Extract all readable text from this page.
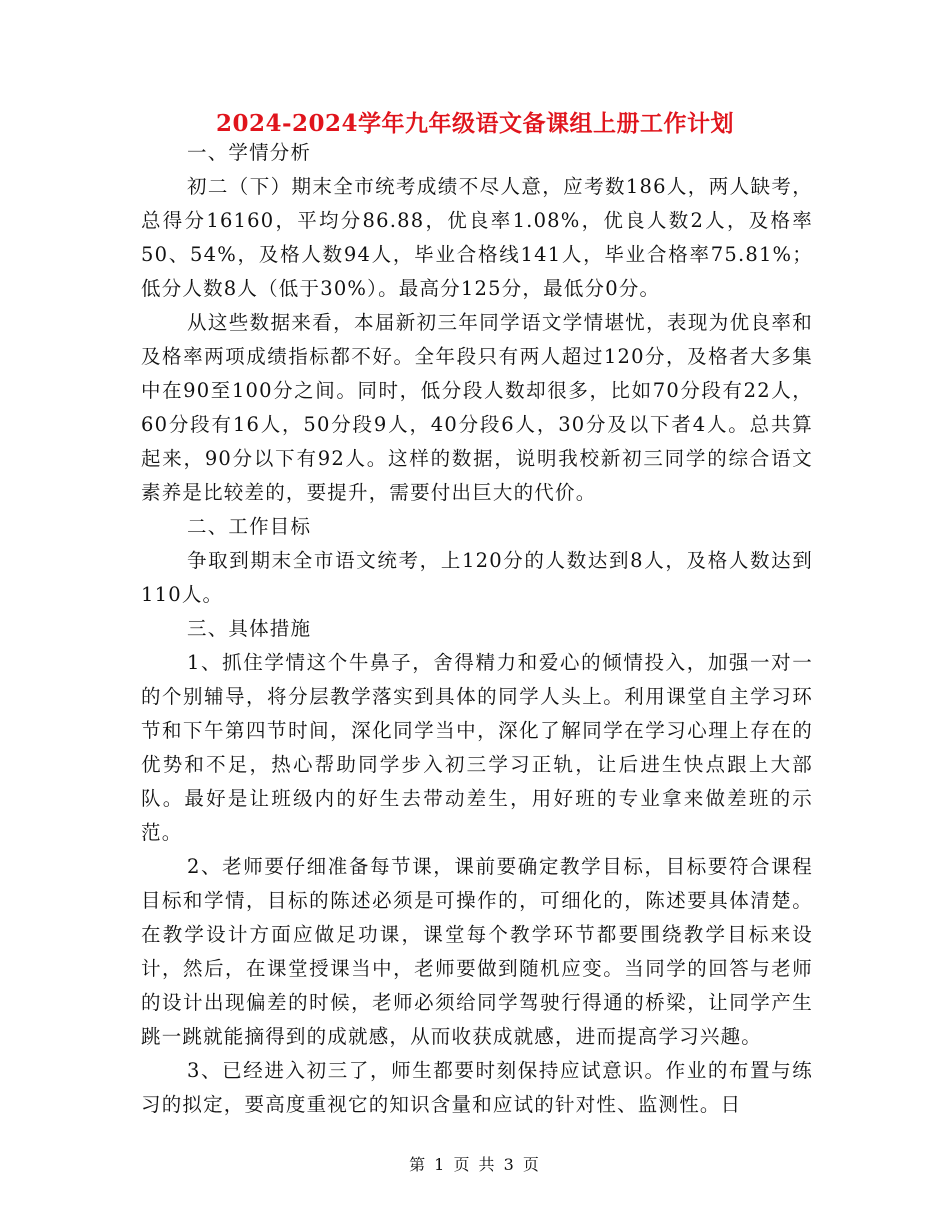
2024-2024学年九年级语文备课组上册工作计划

一、学情分析

初二（下）期末全市统考成绩不尽人意，应考数186人，两人缺考，总得分16160，平均分86.88，优良率1.08%，优良人数2人，及格率50、54%，及格人数94人，毕业合格线141人，毕业合格率75.81%；低分人数8人（低于30%）。最高分125分，最低分0分。

从这些数据来看，本届新初三年同学语文学情堪忧，表现为优良率和及格率两项成绩指标都不好。全年段只有两人超过120分，及格者大多集中在90至100分之间。同时，低分段人数却很多，比如70分段有22人，60分段有16人，50分段9人，40分段6人，30分及以下者4人。总共算起来，90分以下有92人。这样的数据，说明我校新初三同学的综合语文素养是比较差的，要提升，需要付出巨大的代价。

二、工作目标

争取到期末全市语文统考，上120分的人数达到8人，及格人数达到110人。

三、具体措施

1、抓住学情这个牛鼻子，舍得精力和爱心的倾情投入，加强一对一的个别辅导，将分层教学落实到具体的同学人头上。利用课堂自主学习环节和下午第四节时间，深化同学当中，深化了解同学在学习心理上存在的优势和不足，热心帮助同学步入初三学习正轨，让后进生快点跟上大部队。最好是让班级内的好生去带动差生，用好班的专业拿来做差班的示范。

2、老师要仔细准备每节课，课前要确定教学目标，目标要符合课程目标和学情，目标的陈述必须是可操作的，可细化的，陈述要具体清楚。在教学设计方面应做足功课，课堂每个教学环节都要围绕教学目标来设计，然后，在课堂授课当中，老师要做到随机应变。当同学的回答与老师的设计出现偏差的时候，老师必须给同学驾驶行得通的桥梁，让同学产生跳一跳就能摘得到的成就感，从而收获成就感，进而提高学习兴趣。

3、已经进入初三了，师生都要时刻保持应试意识。作业的布置与练习的拟定，要高度重视它的知识含量和应试的针对性、监测性。日

第 1 页 共 3 页
